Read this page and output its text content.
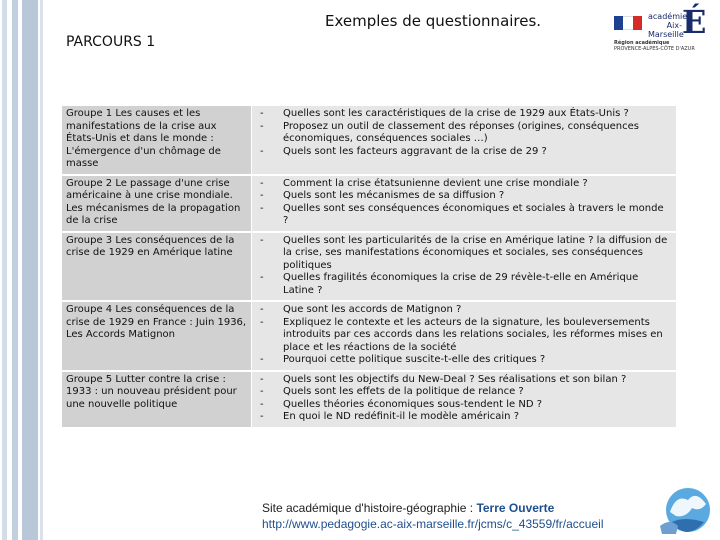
Exemples de questionnaires.
PARCOURS 1
académie
Aix-Marseille
É
Région académique
PROVENCE-ALPES-CÔTE D'AZUR
Groupe 1 Les causes et les manifestations de la crise aux États-Unis et dans le monde : L'émergence d'un chômage de masse
-
-
-

Quelles sont les caractéristiques de la crise de 1929 aux États-Unis ?

Proposez un outil de classement des réponses (origines, conséquences économiques, conséquences sociales …)

Quels sont les facteurs aggravant de la crise de 29 ?

Groupe 2 Le passage d'une crise américaine à une crise mondiale. Les mécanismes de la propagation de la crise
-
-
-

Comment la crise étatsunienne devient une crise mondiale ?

Quels sont les mécanismes de sa diffusion ?

Quelles sont ses conséquences économiques et sociales à travers le monde ?

Groupe 3 Les conséquences de la crise de 1929 en Amérique latine
-
-

Quelles sont les particularités de la crise en Amérique latine ? la diffusion de la crise, ses manifestations économiques et sociales, ses conséquences politiques

Quelles fragilités économiques la crise de 29 révèle-t-elle en Amérique Latine ?

Groupe 4 Les conséquences de la crise de 1929 en France : Juin 1936, Les Accords Matignon
-
-
-

Que sont les accords de Matignon ?

Expliquez le contexte et les acteurs de la signature, les bouleversements introduits par ces accords dans les relations sociales, les réformes mises en place et les réactions de la société

Pourquoi cette politique suscite-t-elle des critiques ?

Groupe 5 Lutter contre la crise : 1933 : un nouveau président pour une nouvelle politique
-
-
-
-

Quels sont les objectifs du New-Deal ? Ses réalisations et son bilan ?

Quels sont les effets de la politique de relance ?

Quelles théories économiques sous-tendent le ND ?

En quoi le ND redéfinit-il le modèle américain ?

Site académique d'histoire-géographie : Terre Ouverte
http://www.pedagogie.ac-aix-marseille.fr/jcms/c_43559/fr/accueil
